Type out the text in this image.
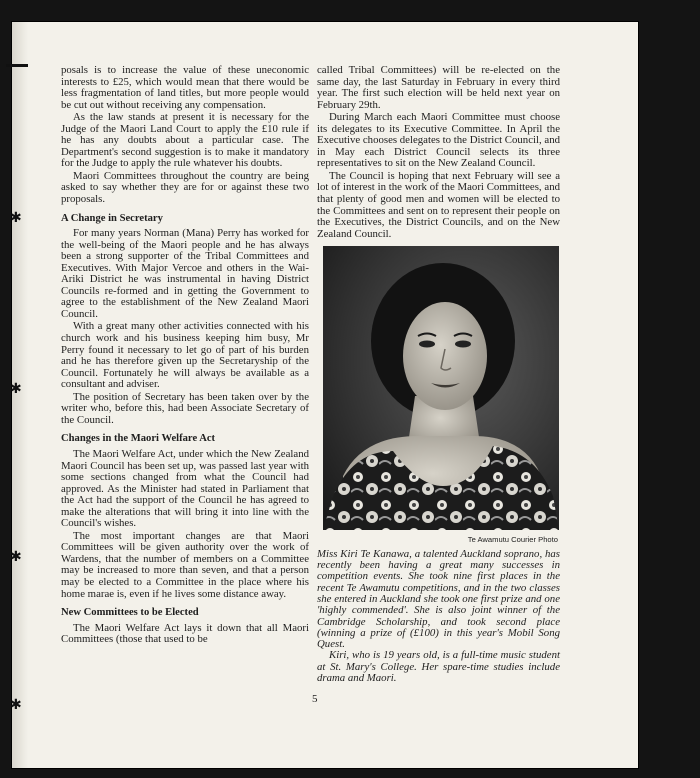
✱
✱
✱
✱

posals is to increase the value of these uneconomic interests to £25, which would mean that there would be less fragmentation of land titles, but more people would be cut out without receiving any compensation.

As the law stands at present it is necessary for the Judge of the Maori Land Court to apply the £10 rule if he has any doubts about a particular case. The Department's second suggestion is to make it mandatory for the Judge to apply the rule whatever his doubts.

Maori Committees throughout the country are being asked to say whether they are for or against these two proposals.

A Change in Secretary

For many years Norman (Mana) Perry has worked for the well-being of the Maori people and he has always been a strong supporter of the Tribal Committees and Executives. With Major Vercoe and others in the Wai-Ariki District he was instrumental in having District Councils re-formed and in getting the Government to agree to the establishment of the New Zealand Maori Council.

With a great many other activities connected with his church work and his business keeping him busy, Mr Perry found it necessary to let go of part of his burden and he has therefore given up the Secretaryship of the Council. Fortunately he will always be available as a consultant and adviser.

The position of Secretary has been taken over by the writer who, before this, had been Associate Secretary of the Council.

Changes in the Maori Welfare Act

The Maori Welfare Act, under which the New Zealand Maori Council has been set up, was passed last year with some sections changed from what the Council had approved. As the Minister had stated in Parliament that the Act had the support of the Council he has agreed to make the alterations that will bring it into line with the Council's wishes.

The most important changes are that Maori Committees will be given authority over the work of Wardens, that the number of members on a Committee may be increased to more than seven, and that a person may be elected to a Committee in the place where his home marae is, even if he lives some distance away.

New Committees to be Elected

The Maori Welfare Act lays it down that all Maori Committees (those that used to be

called Tribal Committees) will be re-elected on the same day, the last Saturday in February in every third year. The first such election will be held next year on February 29th.

During March each Maori Committee must choose its delegates to its Executive Committee. In April the Executive chooses delegates to the District Council, and in May each District Council selects its three representatives to sit on the New Zealand Council.

The Council is hoping that next February will see a lot of interest in the work of the Maori Committees, and that plenty of good men and women will be elected to the Committees and sent on to represent their people on the Executives, the District Councils, and on the New Zealand Council.

Te Awamutu Courier Photo

Miss Kiri Te Kanawa, a talented Auckland soprano, has recently been having a great many successes in competition events. She took nine first places in the recent Te Awamutu competitions, and in the two classes she entered in Auckland she took one first prize and one 'highly commended'. She is also joint winner of the Cambridge Scholarship, and took second place (winning a prize of (£100) in this year's Mobil Song Quest.

Kiri, who is 19 years old, is a full-time music student at St. Mary's College. Her spare-time studies include drama and Maori.

5
